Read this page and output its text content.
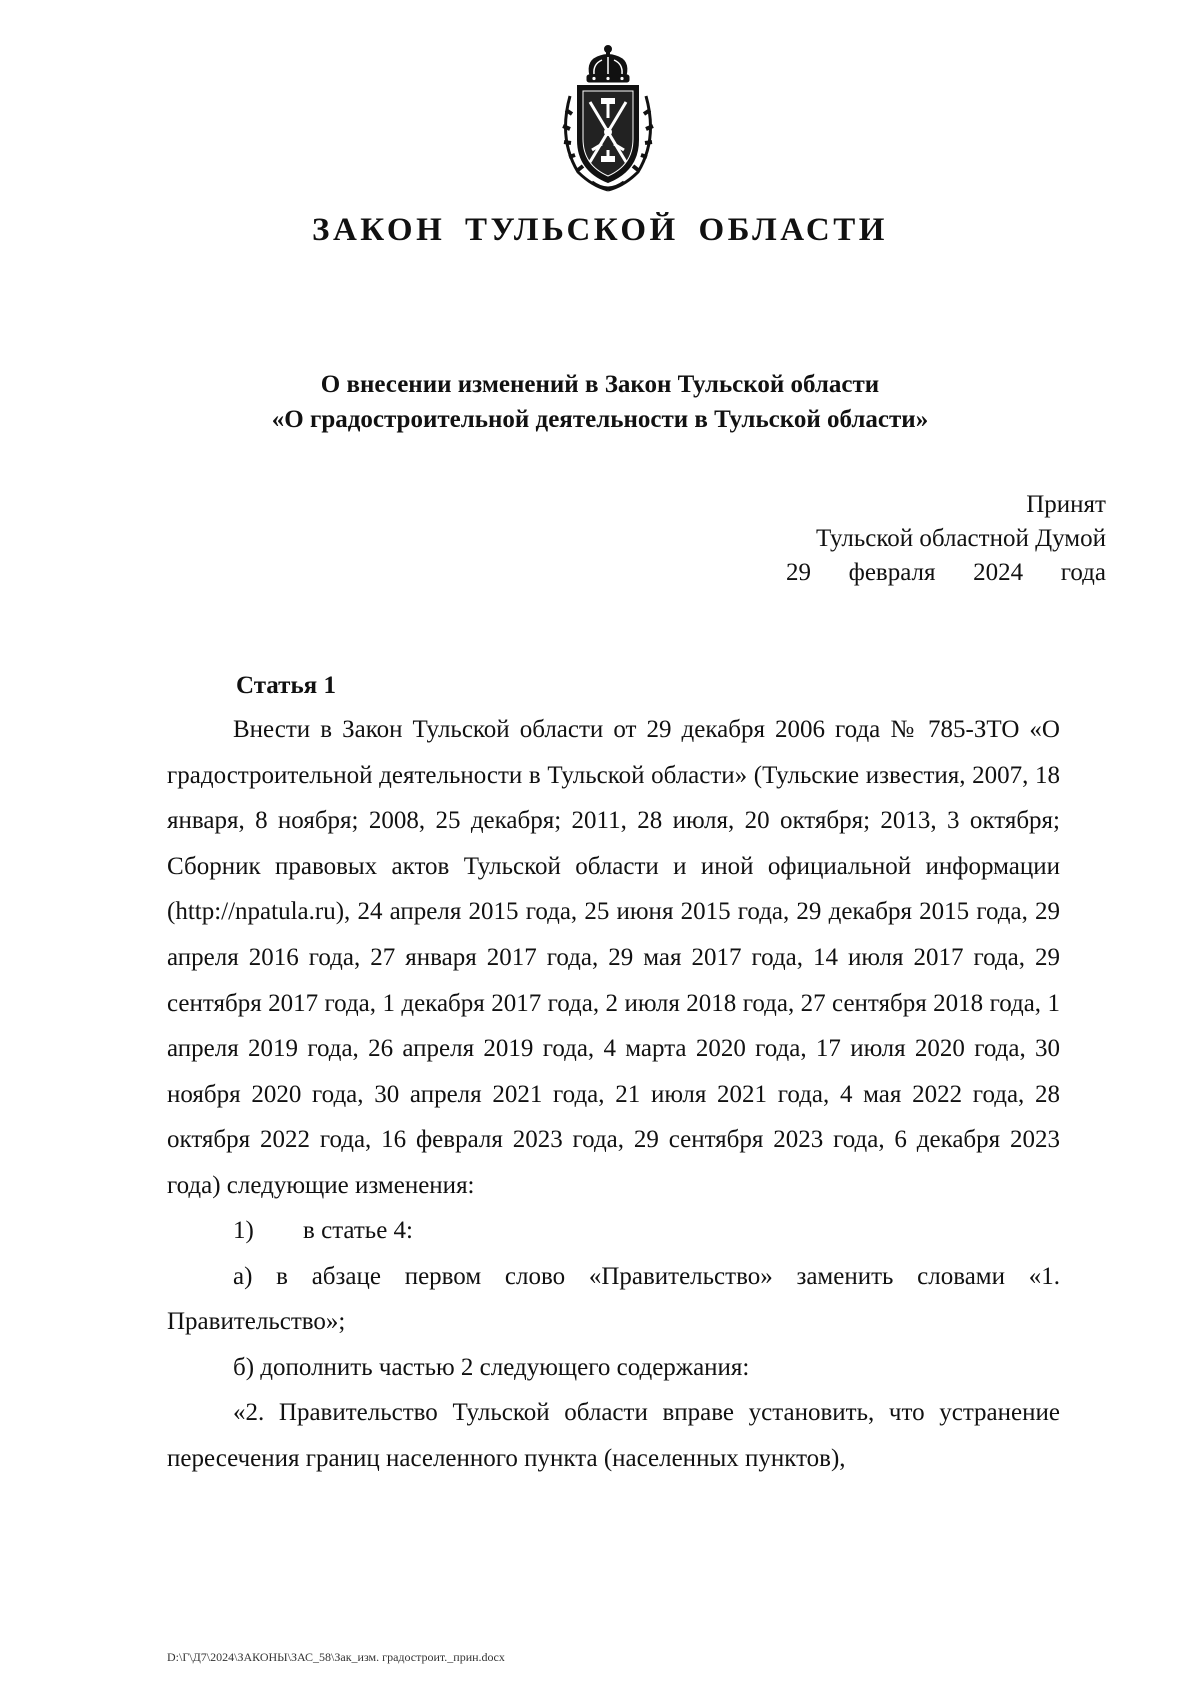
ЗАКОН ТУЛЬСКОЙ ОБЛАСТИ
О внесении изменений в Закон Тульской области
«О градостроительной деятельности в Тульской области»
Принят
Тульской областной Думой
29 февраля 2024 года
Статья 1

Внести в Закон Тульской области от 29 декабря 2006 года № 785-ЗТО «О градостроительной деятельности в Тульской области» (Тульские известия, 2007, 18 января, 8 ноября; 2008, 25 декабря; 2011, 28 июля, 20 октября; 2013, 3 октября; Сборник правовых актов Тульской области и иной официальной информации (http://npatula.ru), 24 апреля 2015 года, 25 июня 2015 года, 29 декабря 2015 года, 29 апреля 2016 года, 27 января 2017 года, 29 мая 2017 года, 14 июля 2017 года, 29 сентября 2017 года, 1 декабря 2017 года, 2 июля 2018 года, 27 сентября 2018 года, 1 апреля 2019 года, 26 апреля 2019 года, 4 марта 2020 года, 17 июля 2020 года, 30 ноября 2020 года, 30 апреля 2021 года, 21 июля 2021 года, 4 мая 2022 года, 28 октября 2022 года, 16 февраля 2023 года, 29 сентября 2023 года, 6 декабря 2023 года) следующие изменения:

1) в статье 4:

а) в абзаце первом слово «Правительство» заменить словами «1. Правительство»;

б) дополнить частью 2 следующего содержания:

«2. Правительство Тульской области вправе установить, что устранение пересечения границ населенного пункта (населенных пунктов),

D:\Г\Д7\2024\ЗАКОНЫ\ЗАС_58\Зак_изм. градострoит._прин.docx
